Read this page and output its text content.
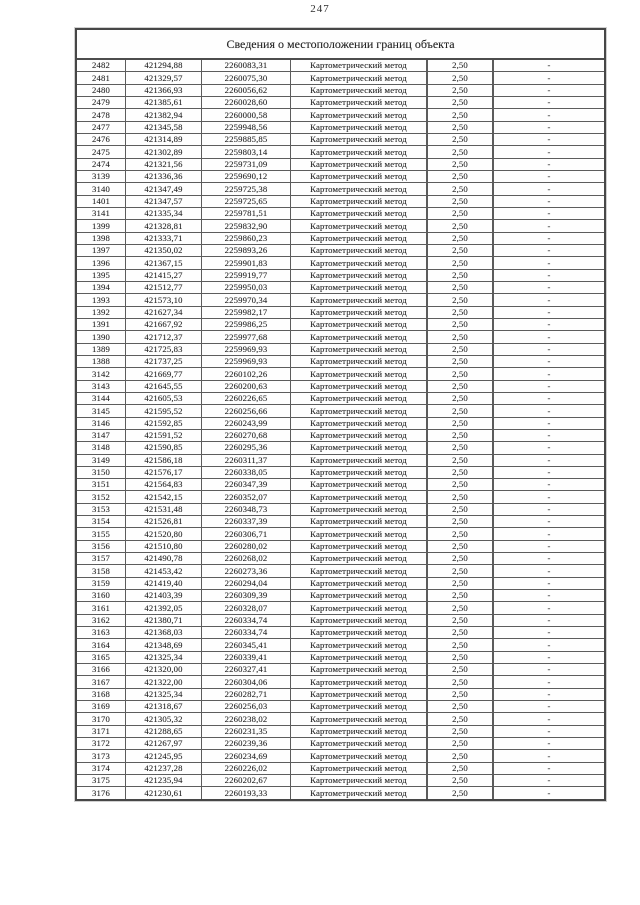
247
Сведения о местоположении границ объекта
2482	421294,88	2260083,31	Картометрический метод	2,50	-
2481	421329,57	2260075,30	Картометрический метод	2,50	-
2480	421366,93	2260056,62	Картометрический метод	2,50	-
2479	421385,61	2260028,60	Картометрический метод	2,50	-
2478	421382,94	2260000,58	Картометрический метод	2,50	-
2477	421345,58	2259948,56	Картометрический метод	2,50	-
2476	421314,89	2259885,85	Картометрический метод	2,50	-
2475	421302,89	2259803,14	Картометрический метод	2,50	-
2474	421321,56	2259731,09	Картометрический метод	2,50	-
3139	421336,36	2259690,12	Картометрический метод	2,50	-
3140	421347,49	2259725,38	Картометрический метод	2,50	-
1401	421347,57	2259725,65	Картометрический метод	2,50	-
3141	421335,34	2259781,51	Картометрический метод	2,50	-
1399	421328,81	2259832,90	Картометрический метод	2,50	-
1398	421333,71	2259860,23	Картометрический метод	2,50	-
1397	421350,02	2259893,26	Картометрический метод	2,50	-
1396	421367,15	2259901,83	Картометрический метод	2,50	-
1395	421415,27	2259919,77	Картометрический метод	2,50	-
1394	421512,77	2259950,03	Картометрический метод	2,50	-
1393	421573,10	2259970,34	Картометрический метод	2,50	-
1392	421627,34	2259982,17	Картометрический метод	2,50	-
1391	421667,92	2259986,25	Картометрический метод	2,50	-
1390	421712,37	2259977,68	Картометрический метод	2,50	-
1389	421725,83	2259969,93	Картометрический метод	2,50	-
1388	421737,25	2259969,93	Картометрический метод	2,50	-
3142	421669,77	2260102,26	Картометрический метод	2,50	-
3143	421645,55	2260200,63	Картометрический метод	2,50	-
3144	421605,53	2260226,65	Картометрический метод	2,50	-
3145	421595,52	2260256,66	Картометрический метод	2,50	-
3146	421592,85	2260243,99	Картометрический метод	2,50	-
3147	421591,52	2260270,68	Картометрический метод	2,50	-
3148	421590,85	2260295,36	Картометрический метод	2,50	-
3149	421586,18	2260311,37	Картометрический метод	2,50	-
3150	421576,17	2260338,05	Картометрический метод	2,50	-
3151	421564,83	2260347,39	Картометрический метод	2,50	-
3152	421542,15	2260352,07	Картометрический метод	2,50	-
3153	421531,48	2260348,73	Картометрический метод	2,50	-
3154	421526,81	2260337,39	Картометрический метод	2,50	-
3155	421520,80	2260306,71	Картометрический метод	2,50	-
3156	421510,80	2260280,02	Картометрический метод	2,50	-
3157	421490,78	2260268,02	Картометрический метод	2,50	-
3158	421453,42	2260273,36	Картометрический метод	2,50	-
3159	421419,40	2260294,04	Картометрический метод	2,50	-
3160	421403,39	2260309,39	Картометрический метод	2,50	-
3161	421392,05	2260328,07	Картометрический метод	2,50	-
3162	421380,71	2260334,74	Картометрический метод	2,50	-
3163	421368,03	2260334,74	Картометрический метод	2,50	-
3164	421348,69	2260345,41	Картометрический метод	2,50	-
3165	421325,34	2260339,41	Картометрический метод	2,50	-
3166	421320,00	2260327,41	Картометрический метод	2,50	-
3167	421322,00	2260304,06	Картометрический метод	2,50	-
3168	421325,34	2260282,71	Картометрический метод	2,50	-
3169	421318,67	2260256,03	Картометрический метод	2,50	-
3170	421305,32	2260238,02	Картометрический метод	2,50	-
3171	421288,65	2260231,35	Картометрический метод	2,50	-
3172	421267,97	2260239,36	Картометрический метод	2,50	-
3173	421245,95	2260234,69	Картометрический метод	2,50	-
3174	421237,28	2260226,02	Картометрический метод	2,50	-
3175	421235,94	2260202,67	Картометрический метод	2,50	-
3176	421230,61	2260193,33	Картометрический метод	2,50	-
